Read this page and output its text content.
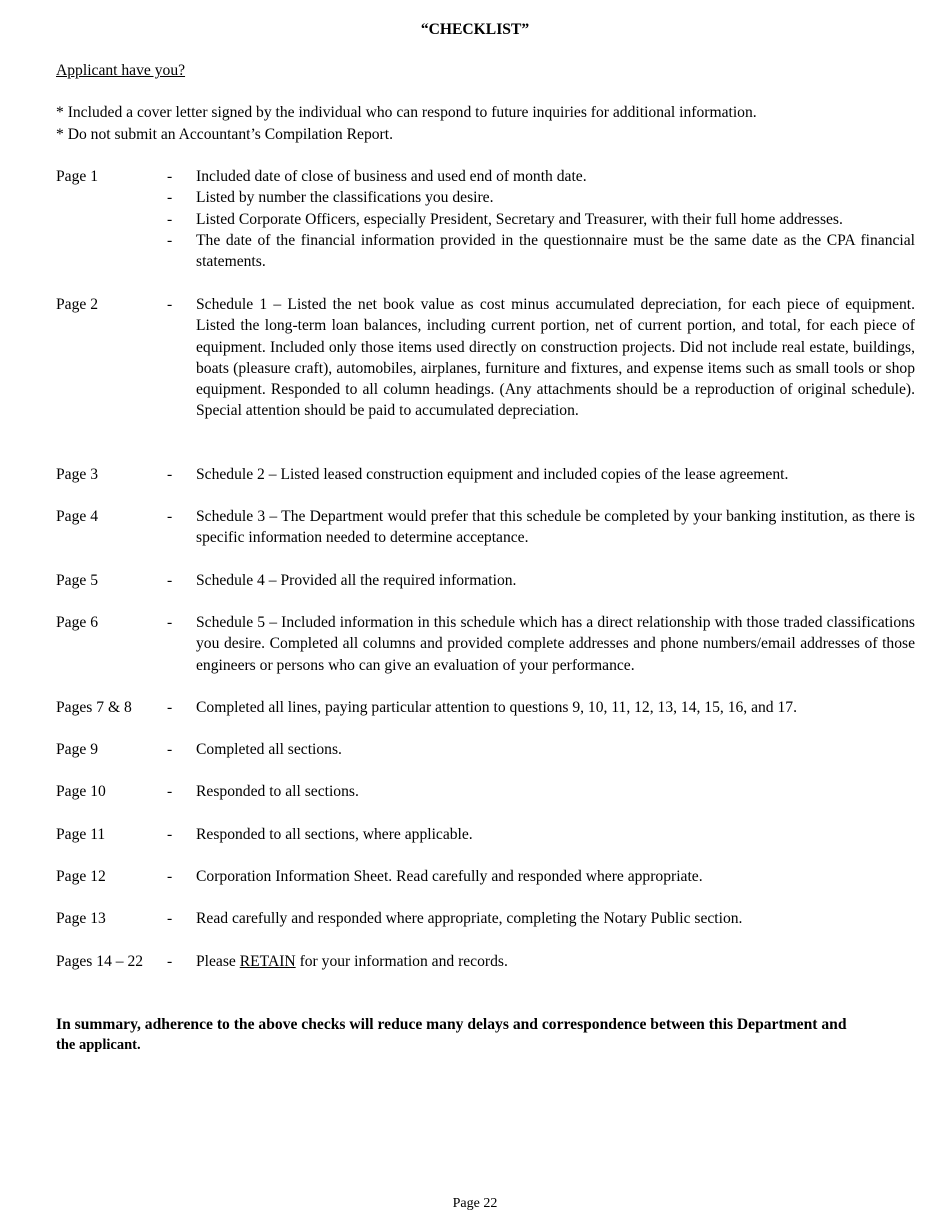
“CHECKLIST”
Applicant have you?
* Included a cover letter signed by the individual who can respond to future inquiries for additional information.
* Do not submit an Accountant’s Compilation Report.
Page 1	- Included date of close of business and used end of month date.
- Listed by number the classifications you desire.
- Listed Corporate Officers, especially President, Secretary and Treasurer, with their full home addresses.
- The date of the financial information provided in the questionnaire must be the same date as the CPA financial statements.
Page 2	- Schedule 1 – Listed the net book value as cost minus accumulated depreciation, for each piece of equipment. Listed the long-term loan balances, including current portion, net of current portion, and total, for each piece of equipment. Included only those items used directly on construction projects. Did not include real estate, buildings, boats (pleasure craft), automobiles, airplanes, furniture and fixtures, and expense items such as small tools or shop equipment. Responded to all column headings. (Any attachments should be a reproduction of original schedule). Special attention should be paid to accumulated depreciation.
Page 3	- Schedule 2 – Listed leased construction equipment and included copies of the lease agreement.
Page 4	- Schedule 3 – The Department would prefer that this schedule be completed by your banking institution, as there is specific information needed to determine acceptance.
Page 5	- Schedule 4 – Provided all the required information.
Page 6	- Schedule 5 – Included information in this schedule which has a direct relationship with those traded classifications you desire. Completed all columns and provided complete addresses and phone numbers/email addresses of those engineers or persons who can give an evaluation of your performance.
Pages 7 & 8 - Completed all lines, paying particular attention to questions 9, 10, 11, 12, 13, 14, 15, 16, and 17.
Page 9	- Completed all sections.
Page 10	- Responded to all sections.
Page 11	- Responded to all sections, where applicable.
Page 12	- Corporation Information Sheet. Read carefully and responded where appropriate.
Page 13	- Read carefully and responded where appropriate, completing the Notary Public section.
Pages 14 – 22 - Please RETAIN for your information and records.
In summary, adherence to the above checks will reduce many delays and correspondence between this Department and
the applicant.
Page 22
